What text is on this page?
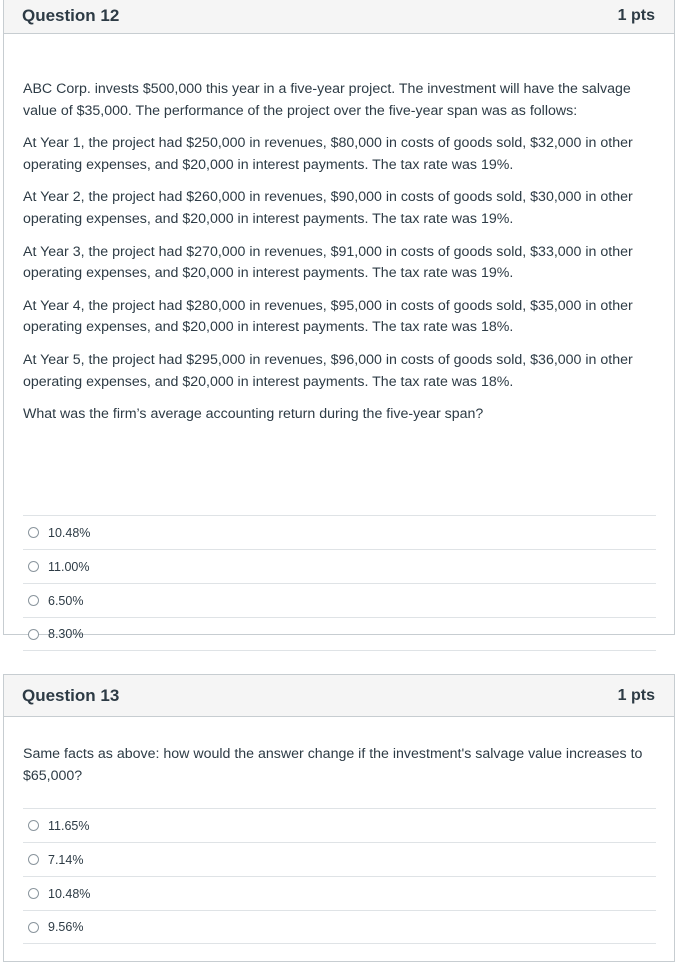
Question 12	1 pts

ABC Corp. invests $500,000 this year in a five-year project. The investment will have the salvage value of $35,000. The performance of the project over the five-year span was as follows:

At Year 1, the project had $250,000 in revenues, $80,000 in costs of goods sold, $32,000 in other operating expenses, and $20,000 in interest payments. The tax rate was 19%.

At Year 2, the project had $260,000 in revenues, $90,000 in costs of goods sold, $30,000 in other operating expenses, and $20,000 in interest payments. The tax rate was 19%.

At Year 3, the project had $270,000 in revenues, $91,000 in costs of goods sold, $33,000 in other operating expenses, and $20,000 in interest payments. The tax rate was 19%.

At Year 4, the project had $280,000 in revenues, $95,000 in costs of goods sold, $35,000 in other operating expenses, and $20,000 in interest payments. The tax rate was 18%.

At Year 5, the project had $295,000 in revenues, $96,000 in costs of goods sold, $36,000 in other operating expenses, and $20,000 in interest payments. The tax rate was 18%.

What was the firm’s average accounting return during the five-year span?

10.48%
11.00%
6.50%
8.30%
Question 13	1 pts

Same facts as above: how would the answer change if the investment's salvage value increases to $65,000?

11.65%
7.14%
10.48%
9.56%
